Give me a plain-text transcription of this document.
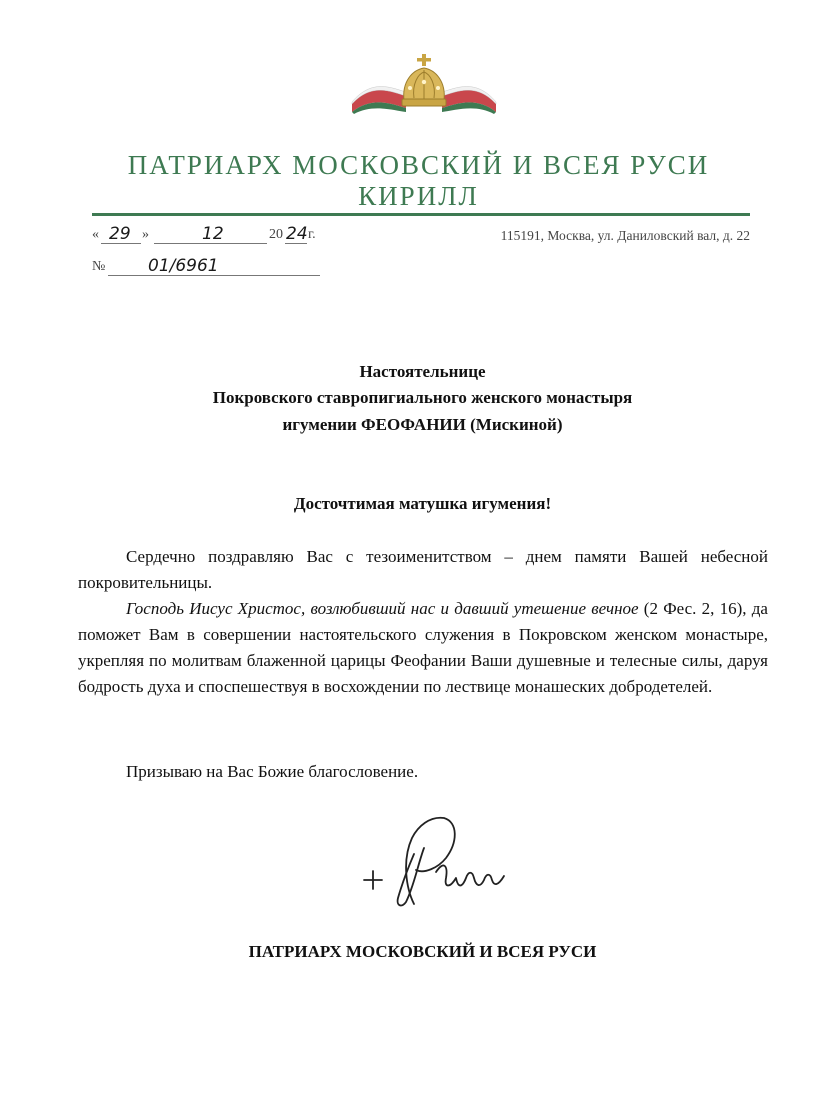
ПАТРИАРХ МОСКОВСКИЙ И ВСЕЯ РУСИ
КИРИЛЛ
« 29 »	12	20 24 г.	115191, Москва, ул. Даниловский вал, д. 22
№	01/6961
Настоятельнице
Покровского ставропигиального женского монастыря
игумении ФЕОФАНИИ (Мискиной)
Досточтимая матушка игумения!
Сердечно поздравляю Вас с тезоименитством – днем памяти Вашей небесной покровительницы.
Господь Иисус Христос, возлюбивший нас и давший утешение вечное (2 Фес. 2, 16), да поможет Вам в совершении настоятельского служения в Покровском женском монастыре, укрепляя по молитвам блаженной царицы Феофании Ваши душевные и телесные силы, даруя бодрость духа и споспешествуя в восхождении по лествице монашеских добродетелей.
Призываю на Вас Божие благословение.
ПАТРИАРХ МОСКОВСКИЙ И ВСЕЯ РУСИ
